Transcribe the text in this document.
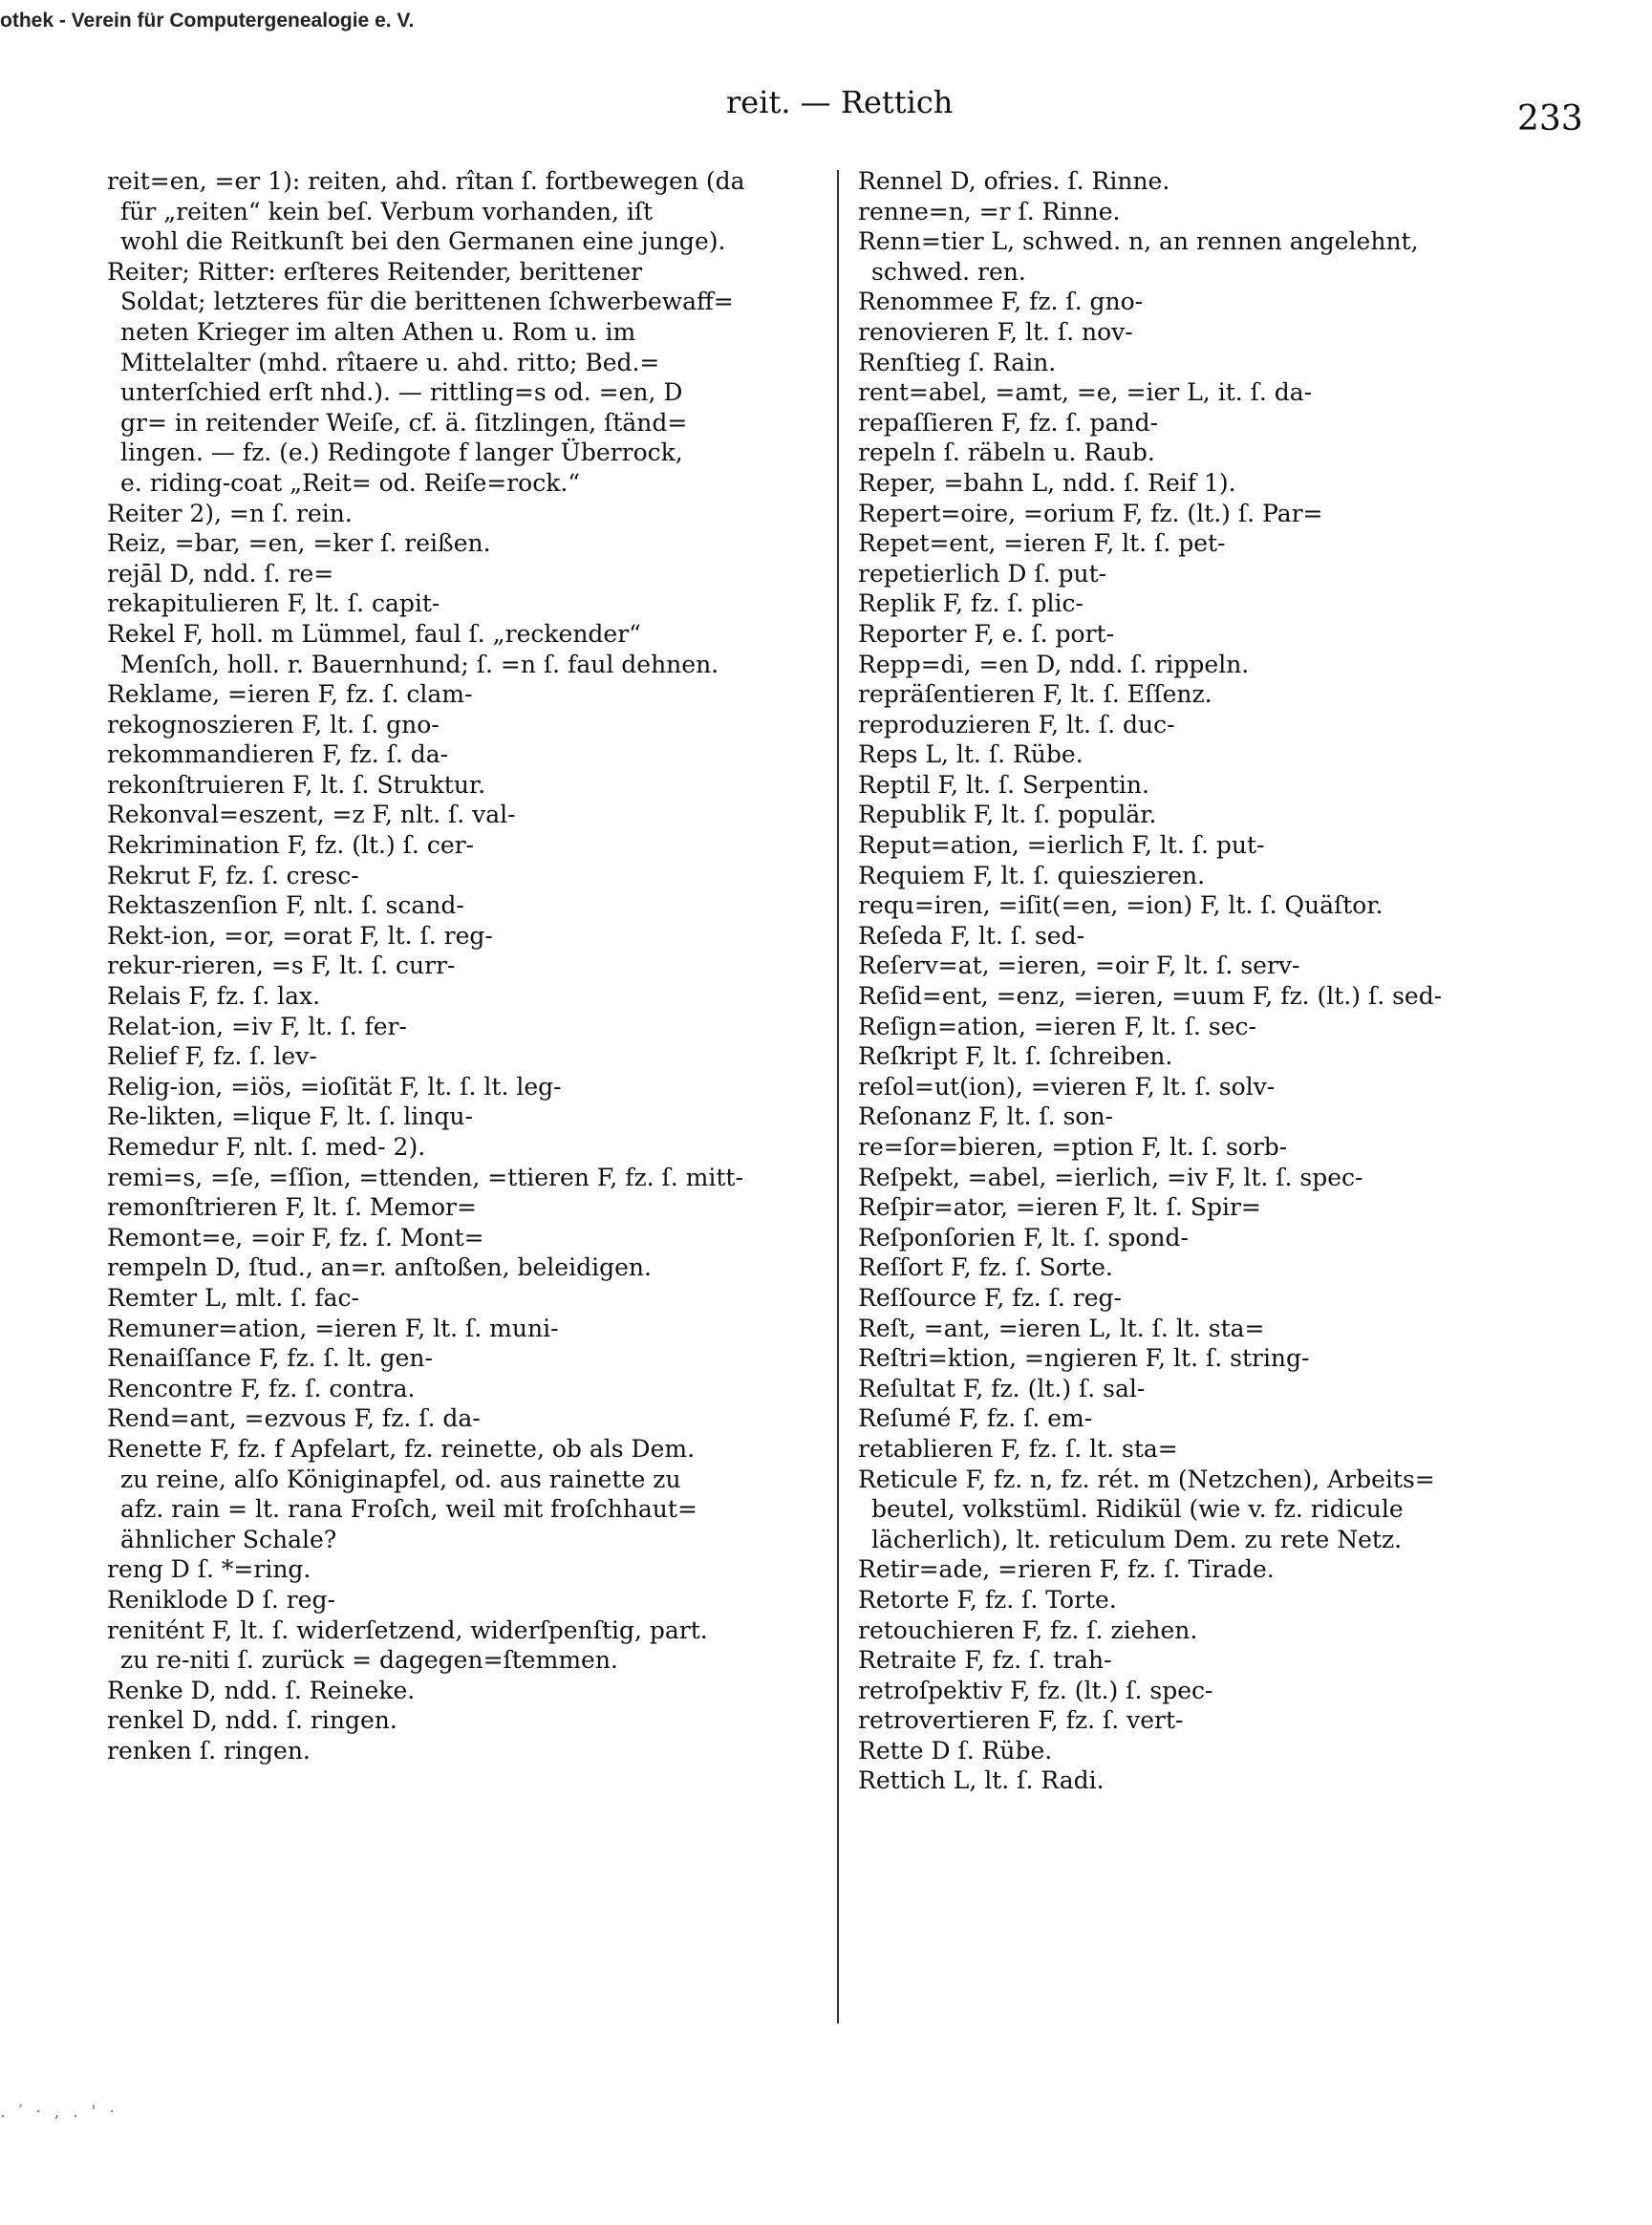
othek - Verein für Computergenealogie e. V.
reit. — Rettich	233
reit=en, =er 1): reiten, ahd. rîtan ſ. fortbewegen (da
für „reiten“ kein beſ. Verbum vorhanden, iſt
wohl die Reitkunſt bei den Germanen eine junge).
Reiter; Ritter: erſteres Reitender, berittener
Soldat; letzteres für die berittenen ſchwerbewaff=
neten Krieger im alten Athen u. Rom u. im
Mittelalter (mhd. rîtaere u. ahd. ritto; Bed.=
unterſchied erſt nhd.). — rittling=s od. =en, D
gr= in reitender Weiſe, cf. ä. ſitzlingen, ſtänd=
lingen. — fz. (e.) Redingote f langer Überrock,
e. riding-coat „Reit= od. Reiſe=rock.“
Reiter 2), =n ſ. rein.
Reiz, =bar, =en, =ker ſ. reißen.
rejāl D, ndd. ſ. re=
rekapitulieren F, lt. ſ. capit-
Rekel F, holl. m Lümmel, faul ſ. „reckender“
Menſch, holl. r. Bauernhund; ſ. =n ſ. faul dehnen.
Reklame, =ieren F, fz. ſ. clam-
rekognoszieren F, lt. ſ. gno-
rekommandieren F, fz. ſ. da-
rekonſtruieren F, lt. ſ. Struktur.
Rekonval=eszent, =z F, nlt. ſ. val-
Rekrimination F, fz. (lt.) ſ. cer-
Rekrut F, fz. ſ. cresc-
Rektaszenſion F, nlt. ſ. scand-
Rekt-ion, =or, =orat F, lt. ſ. reg-
rekur-rieren, =s F, lt. ſ. curr-
Relais F, fz. ſ. lax.
Relat-ion, =iv F, lt. ſ. fer-
Relief F, fz. ſ. lev-
Relig-ion, =iös, =ioſität F, lt. ſ. lt. leg-
Re-likten, =lique F, lt. ſ. linqu-
Remedur F, nlt. ſ. med- 2).
remi=s, =ſe, =ſſion, =ttenden, =ttieren F, fz. ſ. mitt-
remonſtrieren F, lt. ſ. Memor=
Remont=e, =oir F, fz. ſ. Mont=
rempeln D, ſtud., an=r. anſtoßen, beleidigen.
Remter L, mlt. ſ. fac-
Remuner=ation, =ieren F, lt. ſ. muni-
Renaiſſance F, fz. ſ. lt. gen-
Rencontre F, fz. ſ. contra.
Rend=ant, =ezvous F, fz. ſ. da-
Renette F, fz. f Apfelart, fz. reinette, ob als Dem.
zu reine, alſo Königinapfel, od. aus rainette zu
afz. rain = lt. rana Froſch, weil mit froſchhaut=
ähnlicher Schale?
reng D ſ. *=ring.
Reniklode D ſ. reg-
renitént F, lt. ſ. widerſetzend, widerſpenſtig, part.
zu re-niti ſ. zurück = dagegen=ſtemmen.
Renke D, ndd. ſ. Reineke.
renkel D, ndd. ſ. ringen.
renken ſ. ringen.
Rennel D, ofries. ſ. Rinne.
renne=n, =r ſ. Rinne.
Renn=tier L, schwed. n, an rennen angelehnt,
schwed. ren.
Renommee F, fz. ſ. gno-
renovieren F, lt. ſ. nov-
Renſtieg ſ. Rain.
rent=abel, =amt, =e, =ier L, it. ſ. da-
repaſſieren F, fz. ſ. pand-
repeln ſ. räbeln u. Raub.
Reper, =bahn L, ndd. ſ. Reif 1).
Repert=oire, =orium F, fz. (lt.) ſ. Par=
Repet=ent, =ieren F, lt. ſ. pet-
repetierlich D ſ. put-
Replik F, fz. ſ. plic-
Reporter F, e. ſ. port-
Repp=di, =en D, ndd. ſ. rippeln.
repräſentieren F, lt. ſ. Eſſenz.
reproduzieren F, lt. ſ. duc-
Reps L, lt. ſ. Rübe.
Reptil F, lt. ſ. Serpentin.
Republik F, lt. ſ. populär.
Reput=ation, =ierlich F, lt. ſ. put-
Requiem F, lt. ſ. quieszieren.
requ=iren, =iſit(=en, =ion) F, lt. ſ. Quäſtor.
Reſeda F, lt. ſ. sed-
Reſerv=at, =ieren, =oir F, lt. ſ. serv-
Reſid=ent, =enz, =ieren, =uum F, fz. (lt.) ſ. sed-
Reſign=ation, =ieren F, lt. ſ. sec-
Reſkript F, lt. ſ. ſchreiben.
reſol=ut(ion), =vieren F, lt. ſ. solv-
Reſonanz F, lt. ſ. son-
re=ſor=bieren, =ption F, lt. ſ. sorb-
Reſpekt, =abel, =ierlich, =iv F, lt. ſ. spec-
Reſpir=ator, =ieren F, lt. ſ. Spir=
Reſponſorien F, lt. ſ. spond-
Reſſort F, fz. ſ. Sorte.
Reſſource F, fz. ſ. reg-
Reſt, =ant, =ieren L, lt. ſ. lt. sta=
Reſtri=ktion, =ngieren F, lt. ſ. string-
Reſultat F, fz. (lt.) ſ. sal-
Reſumé F, fz. ſ. em-
retablieren F, fz. ſ. lt. sta=
Reticule F, fz. n, fz. rét. m (Netzchen), Arbeits=
beutel, volkstüml. Ridikül (wie v. fz. ridicule
lächerlich), lt. reticulum Dem. zu rete Netz.
Retir=ade, =rieren F, fz. ſ. Tirade.
Retorte F, fz. ſ. Torte.
retouchieren F, fz. ſ. ziehen.
Retraite F, fz. ſ. trah-
retroſpektiv F, fz. (lt.) ſ. spec-
retrovertieren F, fz. ſ. vert-
Rette D ſ. Rübe.
Rettich L, lt. ſ. Radi.
. ′ · , . ' ·
